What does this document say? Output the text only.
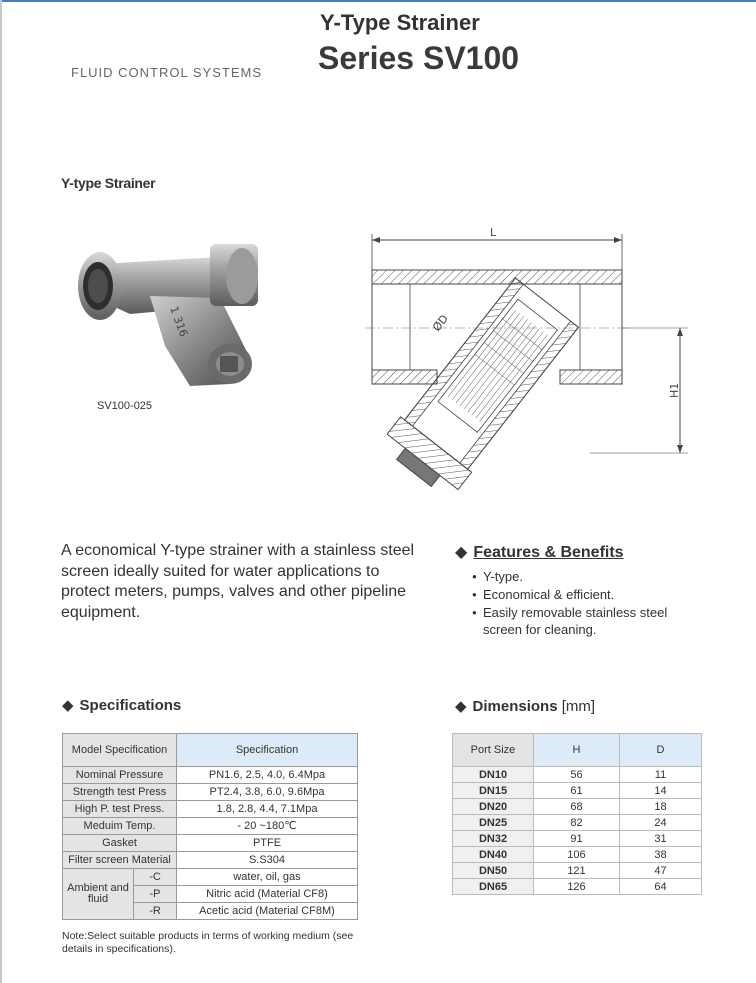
FLUID CONTROL SYSTEMS
Y-Type Strainer
Series SV100
Y-type Strainer
1 316
SV100-025
L
ØD
H1
A economical Y-type strainer with a stainless steel screen ideally suited for water applications to protect meters, pumps, valves and other pipeline equipment.
◆ Features & Benefits
● Y-type.
● Economical & efficient.
● Easily removable stainless steel screen for cleaning.
◆ Specifications	◆ Dimensions [mm]
Model Specification		Specification
Nominal Pressure		PN1.6, 2.5, 4.0, 6.4Mpa
Strength test Press		PT2.4, 3.8, 6.0, 9.6Mpa
High P. test Press.		1.8, 2.8, 4.4, 7.1Mpa
Meduim Temp.		- 20 ~180℃
Gasket		PTFE
Filter screen Material		S.S304
Ambient and fluid	-C	water, oil, gas
	-P	Nitric acid (Material CF8)
	-R	Acetic acid (Material CF8M)
Port Size	H	D
DN10	56	11
DN15	61	14
DN20	68	18
DN25	82	24
DN32	91	31
DN40	106	38
DN50	121	47
DN65	126	64
Note:Select suitable products in terms of working medium (see details in specifications).
